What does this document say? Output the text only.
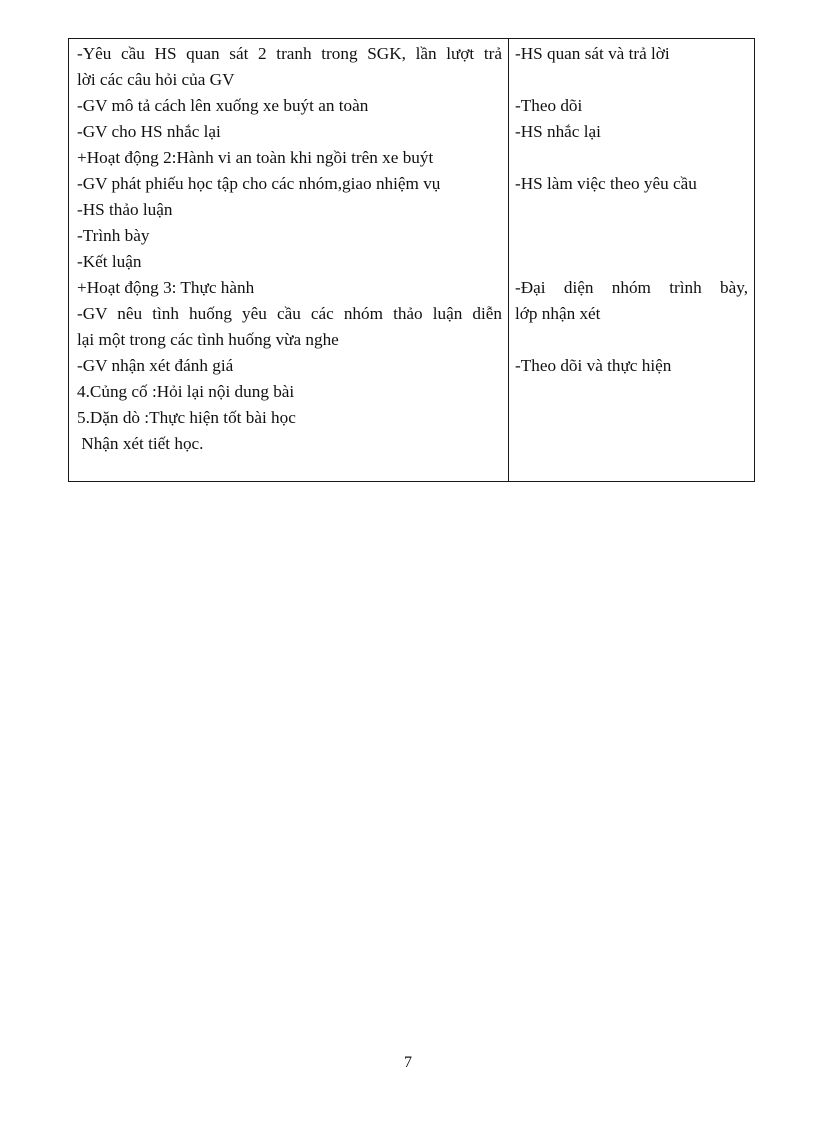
-Yêu cầu HS quan sát 2 tranh trong SGK, lần lượt trả
lời các câu hỏi của GV
-GV mô tả cách lên xuống xe buýt an toàn
-GV cho HS nhắc lại
+Hoạt động 2:Hành vi an toàn khi ngồi trên xe buýt
-GV phát phiếu học tập cho các nhóm,giao nhiệm vụ
-HS thảo luận
-Trình bày
-Kết luận
+Hoạt động 3: Thực hành
-GV nêu tình huống yêu cầu các nhóm thảo luận diễn
lại một trong các tình huống vừa nghe
-GV nhận xét đánh giá
4.Củng cố :Hỏi lại nội dung bài
5.Dặn dò :Thực hiện tốt bài học
Nhận xét tiết học.
-HS quan sát và trả lời
-Theo dõi
-HS nhắc lại
-HS làm việc theo yêu cầu
-Đại diện nhóm trình bày,
lớp nhận xét
-Theo dõi và thực hiện
7
